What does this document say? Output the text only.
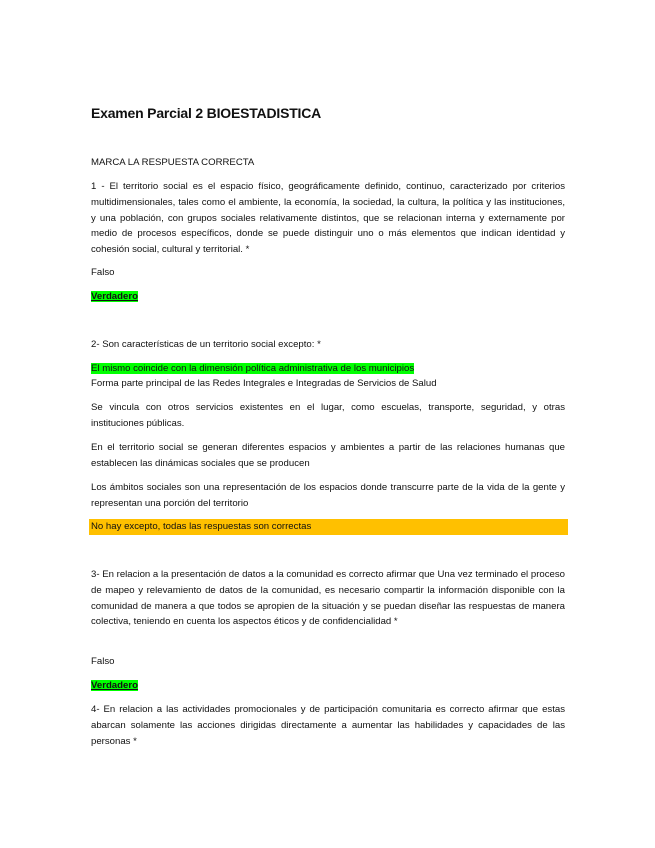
Examen Parcial 2 BIOESTADISTICA
MARCA LA RESPUESTA CORRECTA
1 - El territorio social es el espacio físico, geográficamente definido, continuo, caracterizado por criterios multidimensionales, tales como el ambiente, la economía, la sociedad, la cultura, la política y las instituciones, y una población, con grupos sociales relativamente distintos, que se relacionan interna y externamente por medio de procesos específicos, donde se puede distinguir uno o más elementos que indican identidad y cohesión social, cultural y territorial. *
Falso
Verdadero
2- Son características de un territorio social excepto: *
El mismo coincide con la dimensión política administrativa de los municipios
Forma parte principal de las Redes Integrales e Integradas de Servicios de Salud
Se vincula con otros servicios existentes en el lugar, como escuelas, transporte, seguridad, y otras instituciones públicas.
En el territorio social se generan diferentes espacios y ambientes a partir de las relaciones humanas que establecen las dinámicas sociales que se producen
Los ámbitos sociales son una representación de los espacios donde transcurre parte de la vida de la gente y representan una porción del territorio
No hay excepto, todas las respuestas son correctas
3- En relacion a la presentación de datos a la comunidad es correcto afirmar que Una vez terminado el proceso de mapeo y relevamiento de datos de la comunidad, es necesario compartir la información disponible con la comunidad de manera a que todos se apropien de la situación y se puedan diseñar las respuestas de manera colectiva, teniendo en cuenta los aspectos éticos y de confidencialidad *
Falso
Verdadero
4- En relacion a las actividades promocionales y de participación comunitaria es correcto afirmar que estas abarcan solamente las acciones dirigidas directamente a aumentar las habilidades y capacidades de las personas *
